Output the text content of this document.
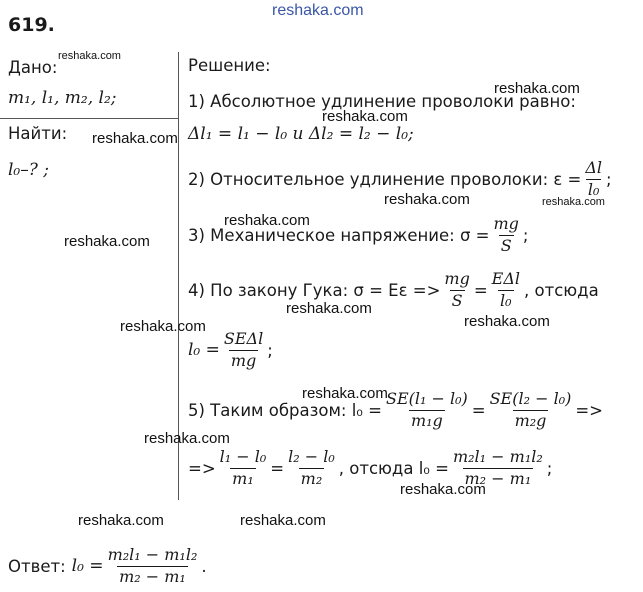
619.
reshaka.com
Дано:
m₁, l₁, m₂, l₂;
Найти:
l₀–? ;
Решение:
1) Абсолютное удлинение проволоки равно:
Δl₁ = l₁ − l₀ и Δl₂ = l₂ − l₀;
2) Относительное удлинение проволоки: $\varepsilon = \frac{\Delta l}{\text{l₀}}$ ;
3) Механическое напряжение: $\sigma = \frac{mg}{S}$ ;
4) По закону Гука: $\sigma = E\varepsilon => \frac{mg}{S} = \frac{\text{EΔl}}{\text{l₀}}$ , отсюда
$l_0 = \frac{\text{SEΔl}}{mg}$ ;
5) Таким образом: $l_0 = \frac{\text{SE(l₁ − l₀)}}{\text{m₁g}} = \frac{\text{SE(l₂ − l₀)}}{\text{m₂g}}$ =>
=> $\frac{\text{l₁ − l₀}}{\text{m₁}} = \frac{\text{l₂ − l₀}}{\text{m₂}}$ , отсюда $l_0 = \frac{\text{m₂l₁ − m₁l₂}}{\text{m₂ − m₁}}$ ;
Ответ: $l_0 = \frac{\text{m₂l₁ − m₁l₂}}{\text{m₂ − m₁}}$ .
reshaka.com
reshaka.com
reshaka.com
reshaka.com
reshaka.com	reshaka.com
reshaka.com
reshaka.com
reshaka.com
reshaka.com
reshaka.com
reshaka.com
reshaka.com
reshaka.com
reshaka.com	reshaka.com
